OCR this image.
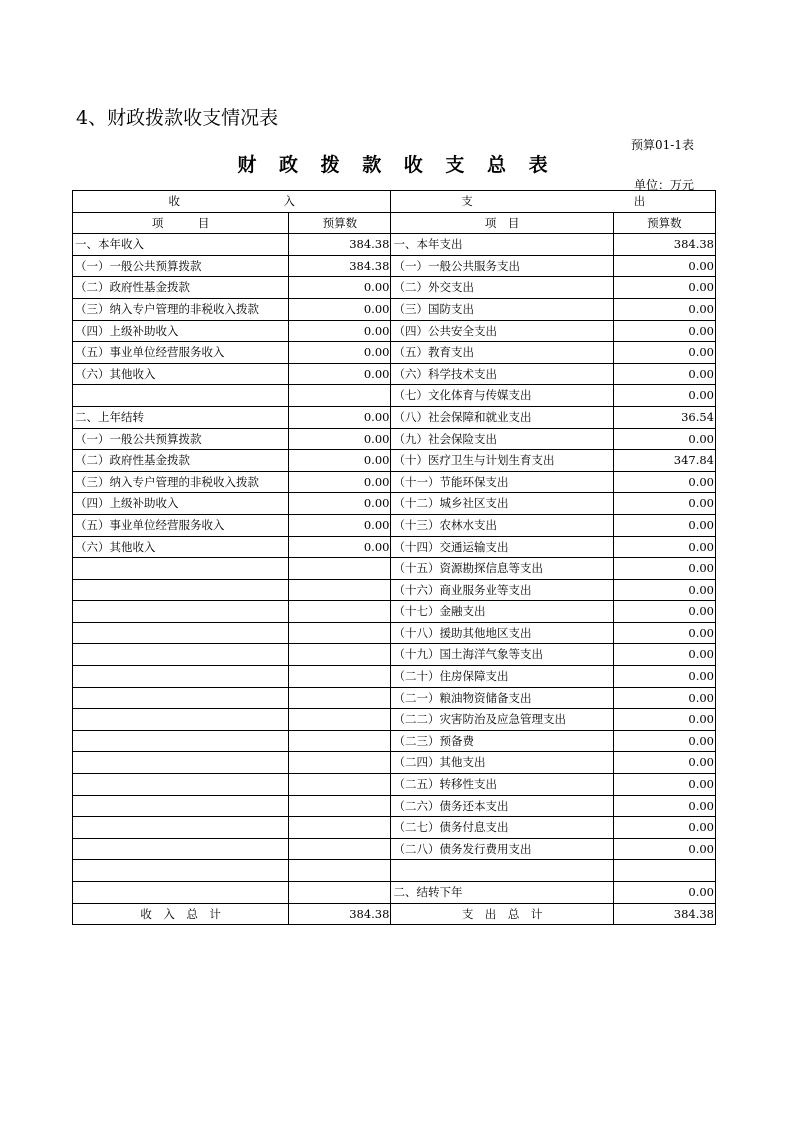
4、财政拨款收支情况表
预算01-1表
财 政 拨 款 收 支 总 表
单位：万元
收　　　　　　　　　入		支　　　　　　　　　　　　　　出	
项　　　目	预算数	项　目	预算数
一、本年收入	384.38	一、本年支出	384.38
（一）一般公共预算拨款	384.38	（一）一般公共服务支出	0.00
（二）政府性基金拨款	0.00	（二）外交支出	0.00
（三）纳入专户管理的非税收入拨款	0.00	（三）国防支出	0.00
（四）上级补助收入	0.00	（四）公共安全支出	0.00
（五）事业单位经营服务收入	0.00	（五）教育支出	0.00
（六）其他收入	0.00	（六）科学技术支出	0.00
		（七）文化体育与传媒支出	0.00
二、上年结转	0.00	（八）社会保障和就业支出	36.54
（一）一般公共预算拨款	0.00	（九）社会保险支出	0.00
（二）政府性基金拨款	0.00	（十）医疗卫生与计划生育支出	347.84
（三）纳入专户管理的非税收入拨款	0.00	（十一）节能环保支出	0.00
（四）上级补助收入	0.00	（十二）城乡社区支出	0.00
（五）事业单位经营服务收入	0.00	（十三）农林水支出	0.00
（六）其他收入	0.00	（十四）交通运输支出	0.00
		（十五）资源勘探信息等支出	0.00
		（十六）商业服务业等支出	0.00
		（十七）金融支出	0.00
		（十八）援助其他地区支出	0.00
		（十九）国土海洋气象等支出	0.00
		（二十）住房保障支出	0.00
		（二一）粮油物资储备支出	0.00
		（二二）灾害防治及应急管理支出	0.00
		（二三）预备费	0.00
		（二四）其他支出	0.00
		（二五）转移性支出	0.00
		（二六）债务还本支出	0.00
		（二七）债务付息支出	0.00
		（二八）债务发行费用支出	0.00

		二、结转下年	0.00
收　入　总　计	384.38	支　出　总　计	384.38
